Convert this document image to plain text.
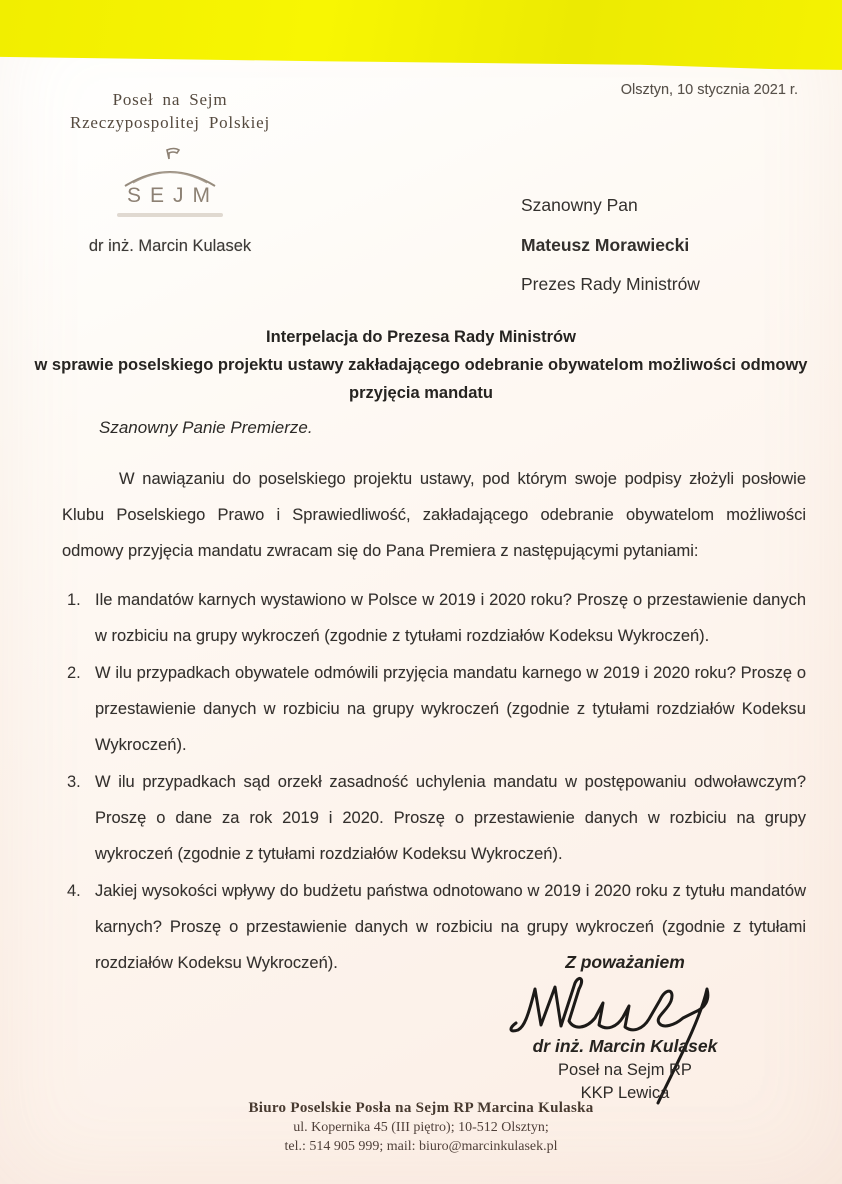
Poseł na Sejm
Rzeczypospolitej Polskiej
SEJM
dr inż. Marcin Kulasek
Olsztyn, 10 stycznia 2021 r.
Szanowny Pan
Mateusz Morawiecki
Prezes Rady Ministrów
Interpelacja do Prezesa Rady Ministrów
w sprawie poselskiego projektu ustawy zakładającego odebranie obywatelom możliwości odmowy
przyjęcia mandatu
Szanowny Panie Premierze.

W nawiązaniu do poselskiego projektu ustawy, pod którym swoje podpisy złożyli posłowie Klubu Poselskiego Prawo i Sprawiedliwość, zakładającego odebranie obywatelom możliwości odmowy przyjęcia mandatu zwracam się do Pana Premiera z następującymi pytaniami:

1. Ile mandatów karnych wystawiono w Polsce w 2019 i 2020 roku? Proszę o przestawienie danych w rozbiciu na grupy wykroczeń (zgodnie z tytułami rozdziałów Kodeksu Wykroczeń).
2. W ilu przypadkach obywatele odmówili przyjęcia mandatu karnego w 2019 i 2020 roku? Proszę o przestawienie danych w rozbiciu na grupy wykroczeń (zgodnie z tytułami rozdziałów Kodeksu Wykroczeń).
3. W ilu przypadkach sąd orzekł zasadność uchylenia mandatu w postępowaniu odwoławczym? Proszę o dane za rok 2019 i 2020. Proszę o przestawienie danych w rozbiciu na grupy wykroczeń (zgodnie z tytułami rozdziałów Kodeksu Wykroczeń).
4. Jakiej wysokości wpływy do budżetu państwa odnotowano w 2019 i 2020 roku z tytułu mandatów karnych? Proszę o przestawienie danych w rozbiciu na grupy wykroczeń (zgodnie z tytułami rozdziałów Kodeksu Wykroczeń).	Z poważaniem
dr inż. Marcin Kulasek
Poseł na Sejm RP
KKP Lewica
Biuro Poselskie Posła na Sejm RP Marcina Kulaska
ul. Kopernika 45 (III piętro); 10-512 Olsztyn;
tel.: 514 905 999; mail: biuro@marcinkulasek.pl
